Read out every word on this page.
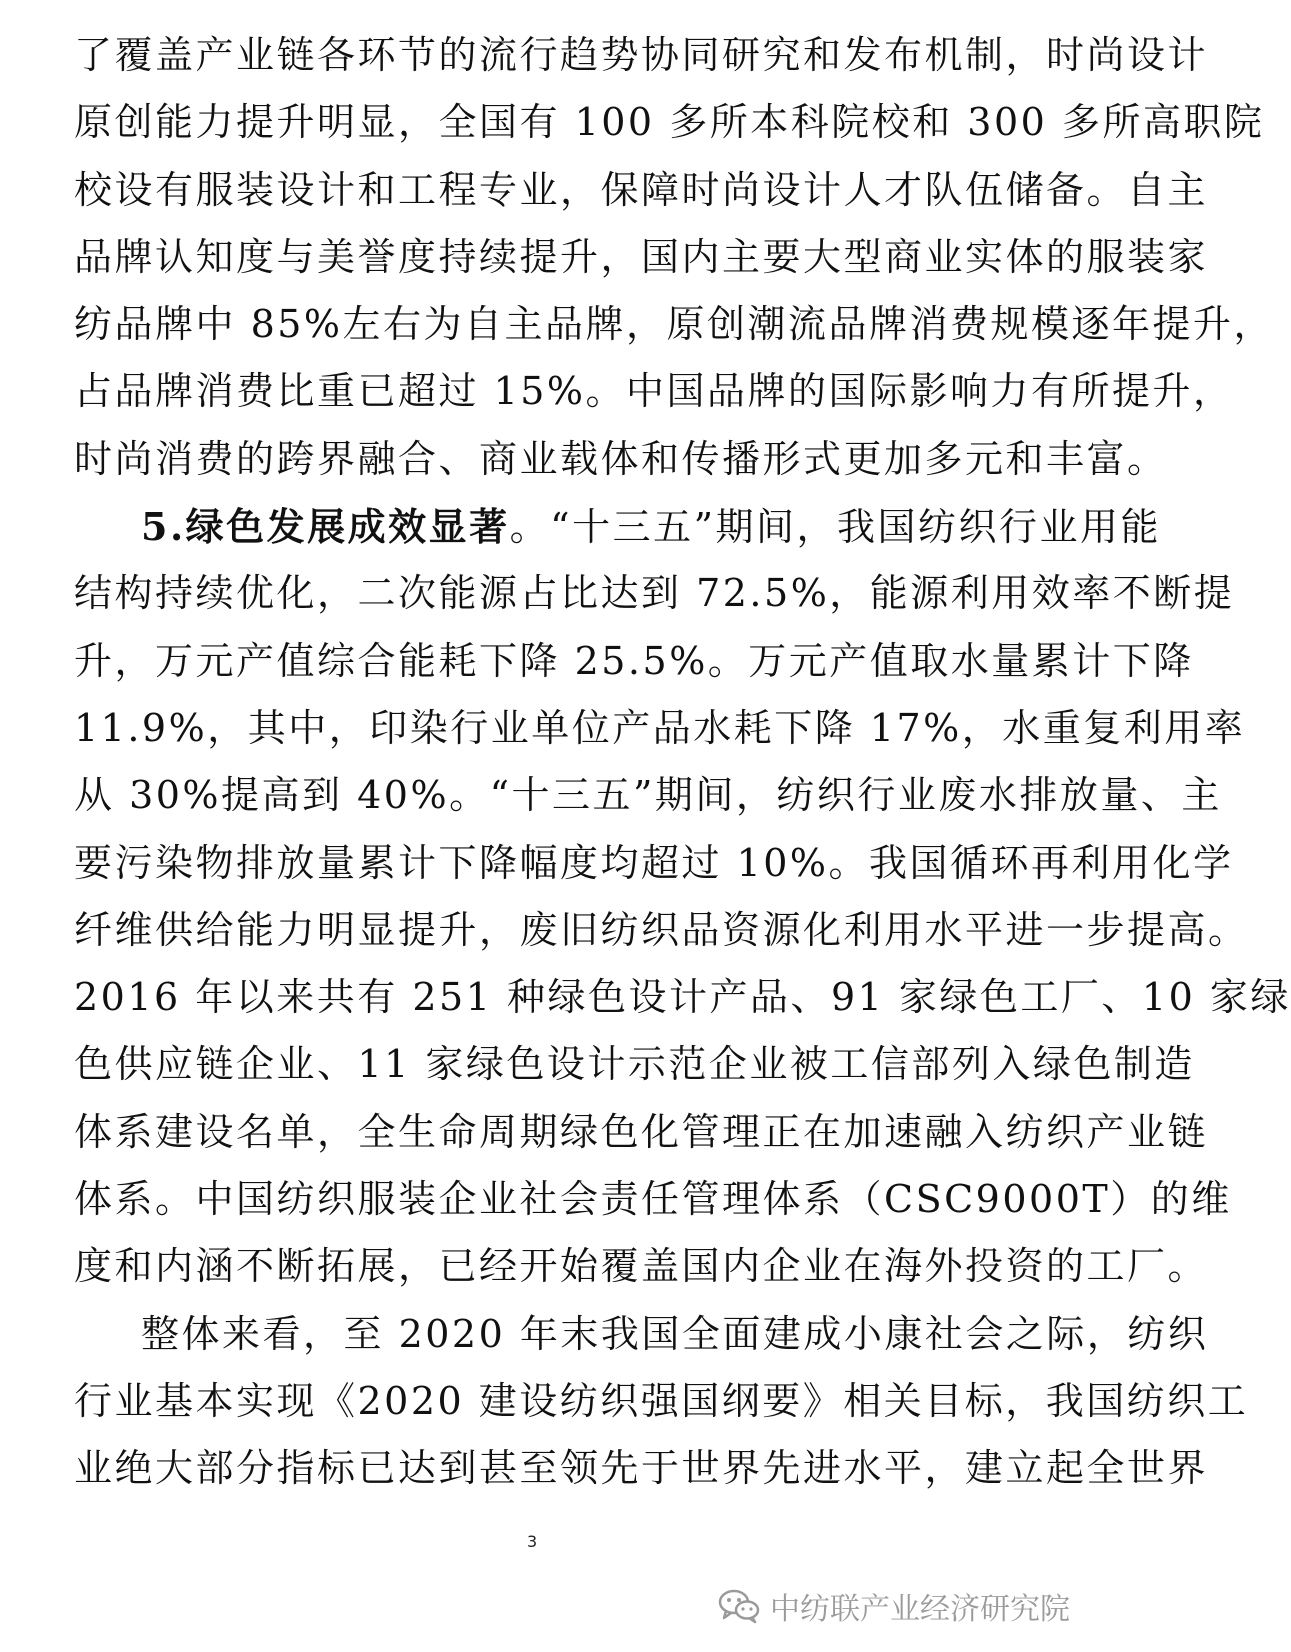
了覆盖产业链各环节的流行趋势协同研究和发布机制，时尚设计
原创能力提升明显，全国有 100 多所本科院校和 300 多所高职院
校设有服装设计和工程专业，保障时尚设计人才队伍储备。自主
品牌认知度与美誉度持续提升，国内主要大型商业实体的服装家
纺品牌中 85%左右为自主品牌，原创潮流品牌消费规模逐年提升，
占品牌消费比重已超过 15%。中国品牌的国际影响力有所提升，
时尚消费的跨界融合、商业载体和传播形式更加多元和丰富。
5.绿色发展成效显著。“十三五”期间，我国纺织行业用能
结构持续优化，二次能源占比达到 72.5%，能源利用效率不断提
升，万元产值综合能耗下降 25.5%。万元产值取水量累计下降
11.9%，其中，印染行业单位产品水耗下降 17%，水重复利用率
从 30%提高到 40%。“十三五”期间，纺织行业废水排放量、主
要污染物排放量累计下降幅度均超过 10%。我国循环再利用化学
纤维供给能力明显提升，废旧纺织品资源化利用水平进一步提高。
2016 年以来共有 251 种绿色设计产品、91 家绿色工厂、10 家绿
色供应链企业、11 家绿色设计示范企业被工信部列入绿色制造
体系建设名单，全生命周期绿色化管理正在加速融入纺织产业链
体系。中国纺织服装企业社会责任管理体系（CSC9000T）的维
度和内涵不断拓展，已经开始覆盖国内企业在海外投资的工厂。
整体来看，至 2020 年末我国全面建成小康社会之际，纺织
行业基本实现《2020 建设纺织强国纲要》相关目标，我国纺织工
业绝大部分指标已达到甚至领先于世界先进水平，建立起全世界
3
中纺联产业经济研究院
